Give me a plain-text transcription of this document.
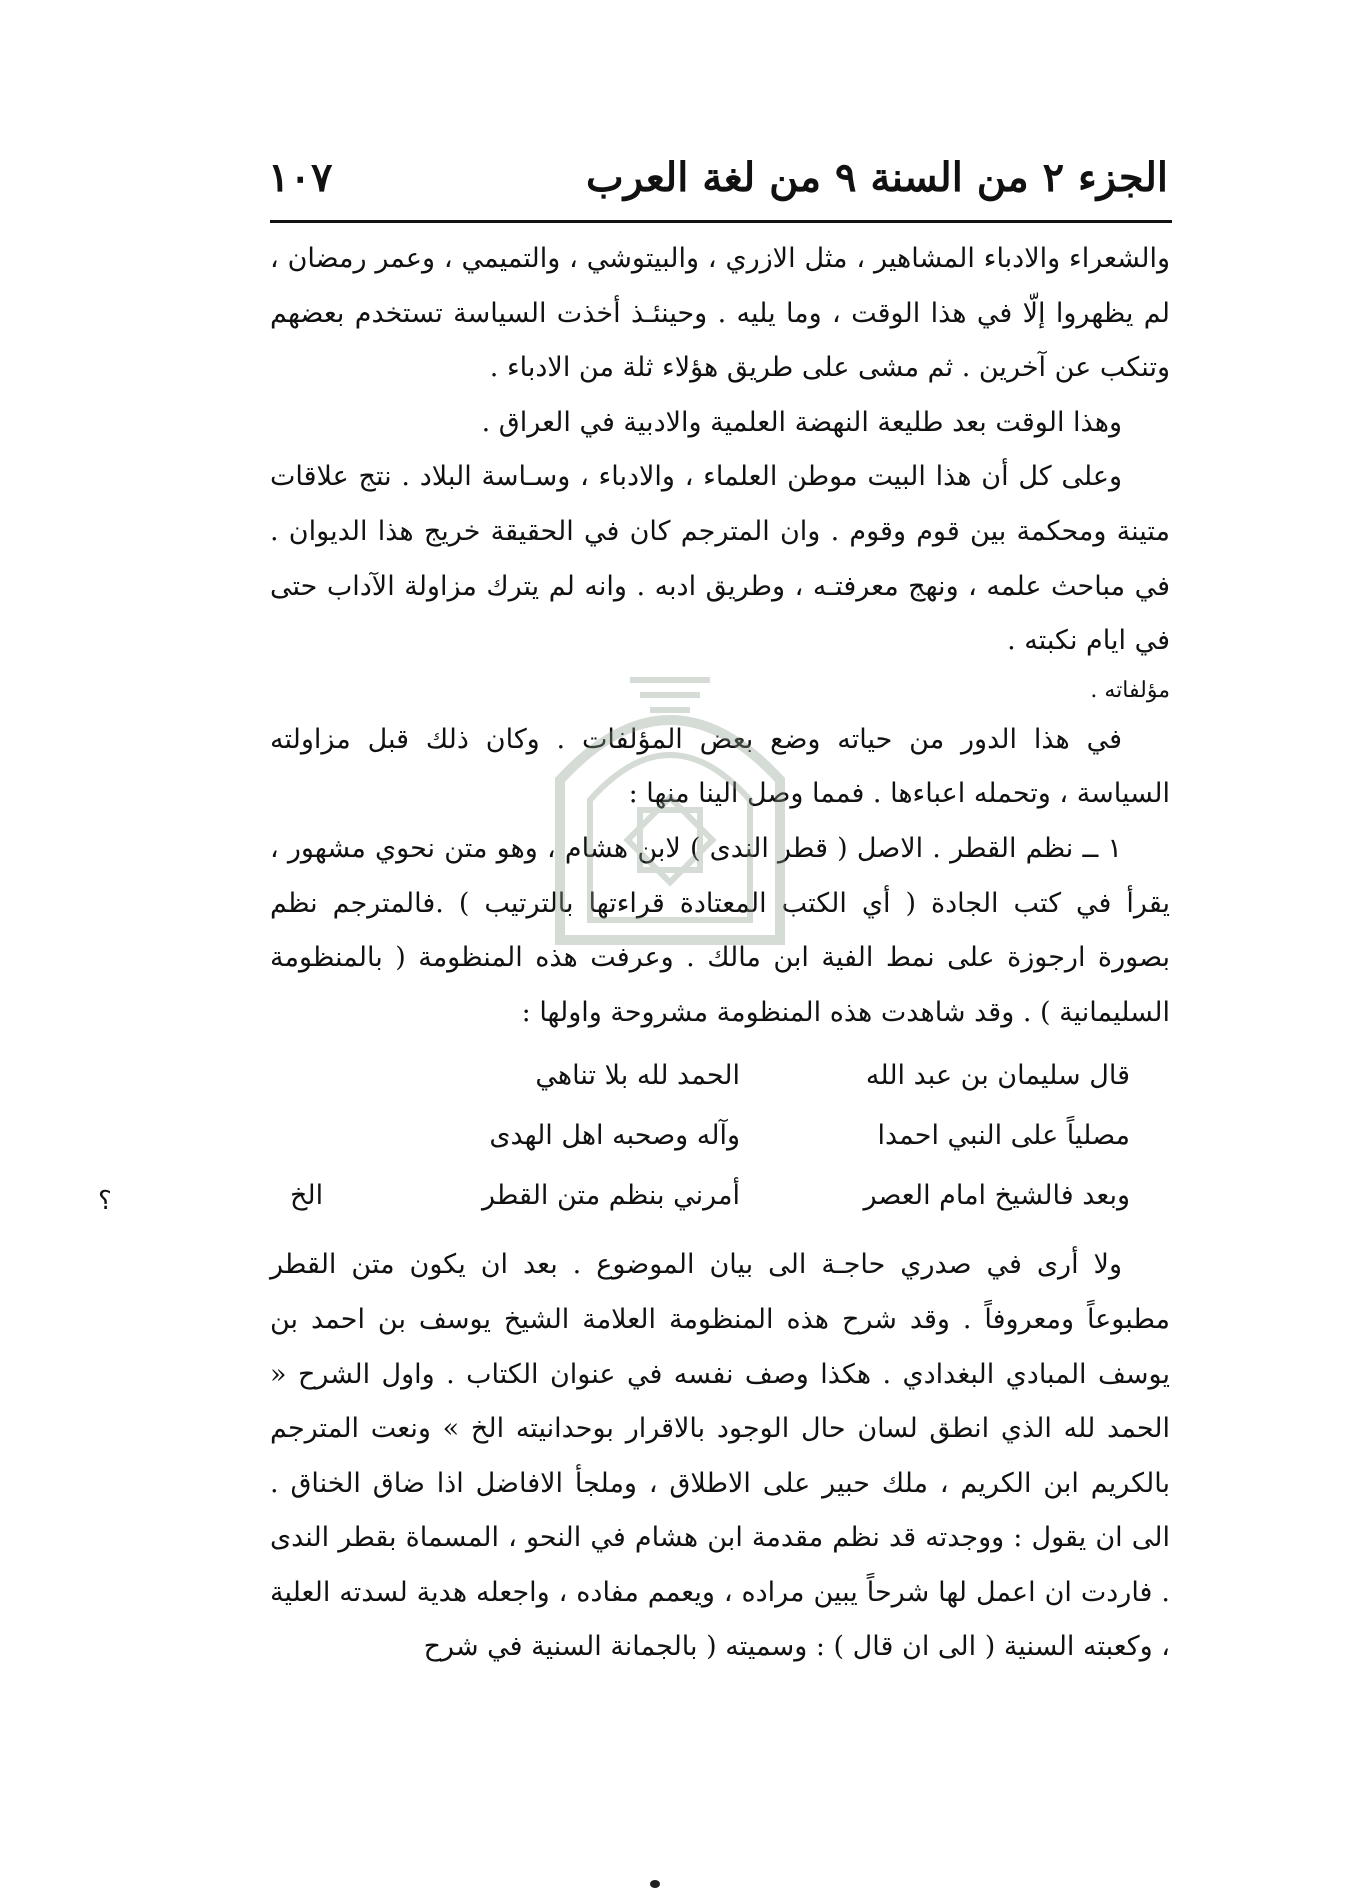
الجزء ٢ من السنة ٩ من لغة العرب
١٠٧

والشعراء والادباء المشاهير ، مثل الازري ، والبيتوشي ، والتميمي ، وعمر رمضان ، لم يظهروا إلّا في هذا الوقت ، وما يليه . وحينئـذ أخذت السياسة تستخدم بعضهم وتنكب عن آخرين . ثم مشى على طريق هؤلاء ثلة من الادباء .

وهذا الوقت بعد طليعة النهضة العلمية والادبية في العراق .

وعلى كل أن هذا البيت موطن العلماء ، والادباء ، وسـاسة البلاد . نتج علاقات متينة ومحكمة بين قوم وقوم . وان المترجم كان في الحقيقة خريج هذا الديوان . في مباحث علمه ، ونهج معرفتـه ، وطريق ادبه . وانه لم يترك مزاولة الآداب حتى في ايام نكبته .

مؤلفاته .

في هذا الدور من حياته وضع بعض المؤلفات . وكان ذلك قبل مزاولته السياسة ، وتحمله اعباءها . فمما وصل الينا منها :

١ ــ نظم القطر . الاصل ( قطر الندى ) لابن هشام ، وهو متن نحوي مشهور ، يقرأ في كتب الجادة ( أي الكتب المعتادة قراءتها بالترتيب ) .فالمترجم نظم بصورة ارجوزة على نمط الفية ابن مالك . وعرفت هذه المنظومة ( بالمنظومة السليمانية ) . وقد شاهدت هذه المنظومة مشروحة واولها :

قال سليمان بن عبد الله
الحمد لله بلا تناهي
مصلياً على النبي احمدا
وآله وصحبه اهل الهدى
وبعد فالشيخ امام العصر
أمرني بنظم متن القطر
الخ

ولا أرى في صدري حاجـة الى بيان الموضوع . بعد ان يكون متن القطر مطبوعاً ومعروفاً . وقد شرح هذه المنظومة العلامة الشيخ يوسف بن احمد بن يوسف المبادي البغدادي . هكذا وصف نفسه في عنوان الكتاب . واول الشرح « الحمد لله الذي انطق لسان حال الوجود بالاقرار بوحدانيته الخ » ونعت المترجم بالكريم ابن الكريم ، ملك حبير على الاطلاق ، وملجأ الافاضل اذا ضاق الخناق . الى ان يقول : ووجدته قد نظم مقدمة ابن هشام في النحو ، المسماة بقطر الندى . فاردت ان اعمل لها شرحاً يبين مراده ، ويعمم مفاده ، واجعله هدية لسدته العلية ، وكعبته السنية ( الى ان قال ) : وسميته ( بالجمانة السنية في شرح

؟
